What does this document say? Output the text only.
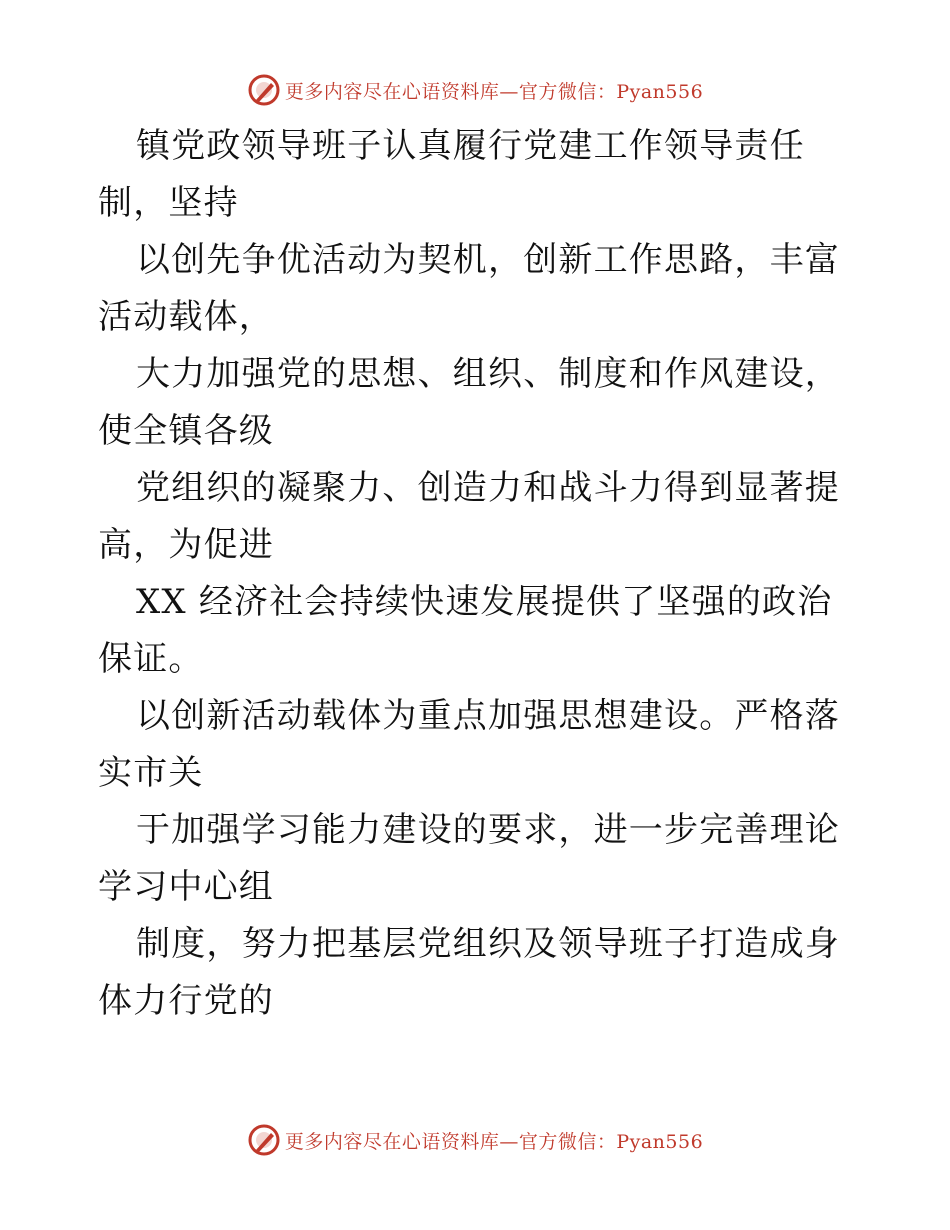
更多内容尽在心语资料库—官方微信：Pyan556

镇党政领导班子认真履行党建工作领导责任制，坚持

以创先争优活动为契机，创新工作思路，丰富活动载体，

大力加强党的思想、组织、制度和作风建设，使全镇各级

党组织的凝聚力、创造力和战斗力得到显著提高，为促进

XX 经济社会持续快速发展提供了坚强的政治保证。

以创新活动载体为重点加强思想建设。严格落实市关

于加强学习能力建设的要求，进一步完善理论学习中心组

制度，努力把基层党组织及领导班子打造成身体力行党的

更多内容尽在心语资料库—官方微信：Pyan556
